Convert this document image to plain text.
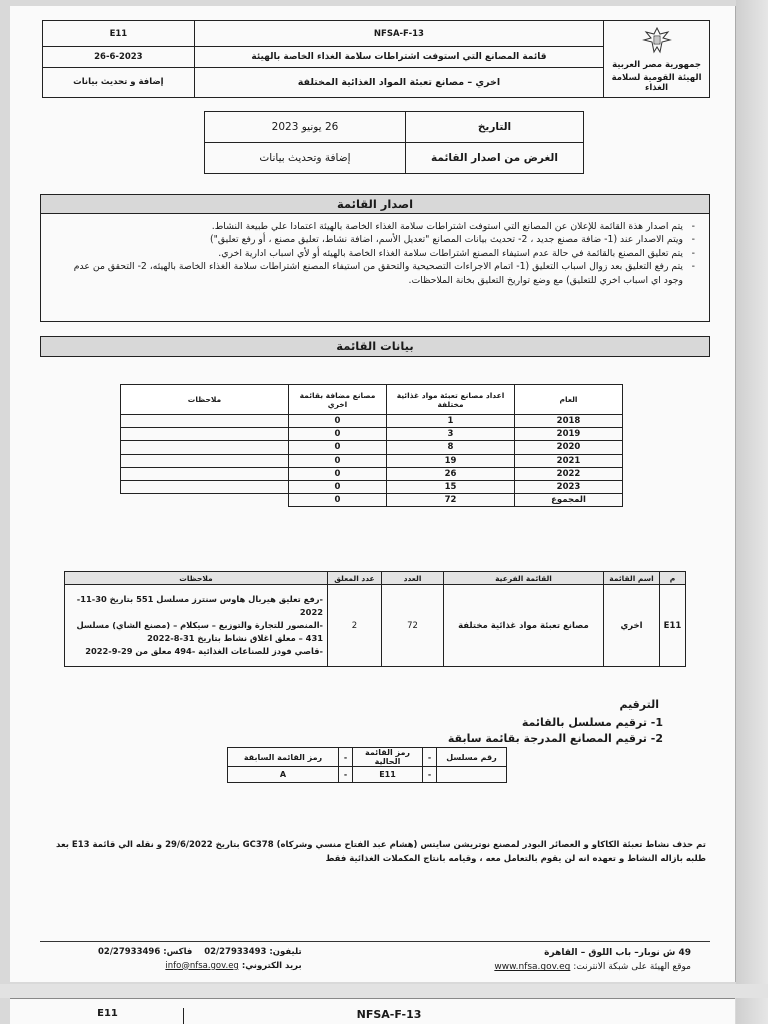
E11	NFSA-F-13	جمهورية مصر العربية
الهيئة القومية لسلامة الغذاء

26-6-2023	قائمة المصانع التي استوفت اشتراطات سلامة الغذاء الخاصة بالهيئة	
إضافة و تحديث بيانات	اخري – مصانع تعبئة المواد الغذائية المختلفة	
التاريخ	26 يونيو 2023
الغرض من اصدار القائمة	إضافة وتحديث بيانات
اصدار القائمة
- يتم اصدار هذة القائمة للإعلان عن المصانع التي استوفت اشتراطات سلامة الغذاء الخاصة بالهيئة اعتمادا علي طبيعة النشاط.
- ويتم الاصدار عند (1- ضافة مصنع جديد ، 2- تحديث بيانات المصانع "تعديل الأسم، اضافة نشاط، تعليق مصنع ، أو رفع تعليق")
- يتم تعليق المصنع بالقائمة في حالة عدم استيفاء المصنع اشتراطات سلامة الغذاء الخاصة بالهيئه أو لأي اسباب ادارية اخري.
- يتم رفع التعليق بعد زوال اسباب التعليق (1- اتمام الاجراءات التصحيحية والتحقق من استيفاء المصنع اشتراطات سلامة الغذاء الخاصة بالهيئه، 2- التحقق من عدم وجود اي اسباب اخري للتعليق) مع وضع تواريخ التعليق بخانة الملاحظات.
بيانات القائمة
العام	اعداد مصانع تعبئة مواد غذائية مختلفة	مصانع مضافة بقائمة اخري	ملاحظات
2018	1	0	
2019	3	0	
2020	8	0	
2021	19	0	
2022	26	0	
2023	15	0	
المجموع	72	0	
م	اسم القائمة	القائمة الفرعية	العدد	عدد المعلق	ملاحظات
E11	اخري	مصانع تعبئة مواد غذائية مختلفة	72	2	-رفع تعليق هيربال هاوس سنترز مسلسل 551 بتاريخ 30-11-2022
-المنصور للتجارة والتوزيع – سيكلام – (مصنع الشاي) مسلسل 431 – معلق اغلاق نشاط بتاريخ 31-8-2022
-قاصي فودز للصناعات الغذائية -494 معلق من 29-9-2022
الترقيم
1- ترقيم مسلسل بالقائمة
2- ترقيم المصانع المدرجة بقائمة سابقة
رقم مسلسل	-	رمز القائمة الحالية	-	رمز القائمة السابقة
	-	E11	-	A
تم حذف نشاط تعبئة الكاكاو و العصائر البودر لمصنع نوتريشن سايتس (هشام عبد الفتاح منسي وشركاه) GC378 بتاريخ 29/6/2022 و نقله الي قائمة E13 بعد طلبه بازاله النشاط و تعهده انه لن يقوم بالتعامل معه ، وقيامه بانتاج المكملات الغذائية فقط
49 ش نوبار– باب اللوق – القاهرة
موقع الهيئة على شبكة الانترنت: www.nfsa.gov.eg
تليفون: 02/27933493    فاكس: 02/27933496
بريد الكتروني: info@nfsa.gov.eg
E11	NFSA-F-13
